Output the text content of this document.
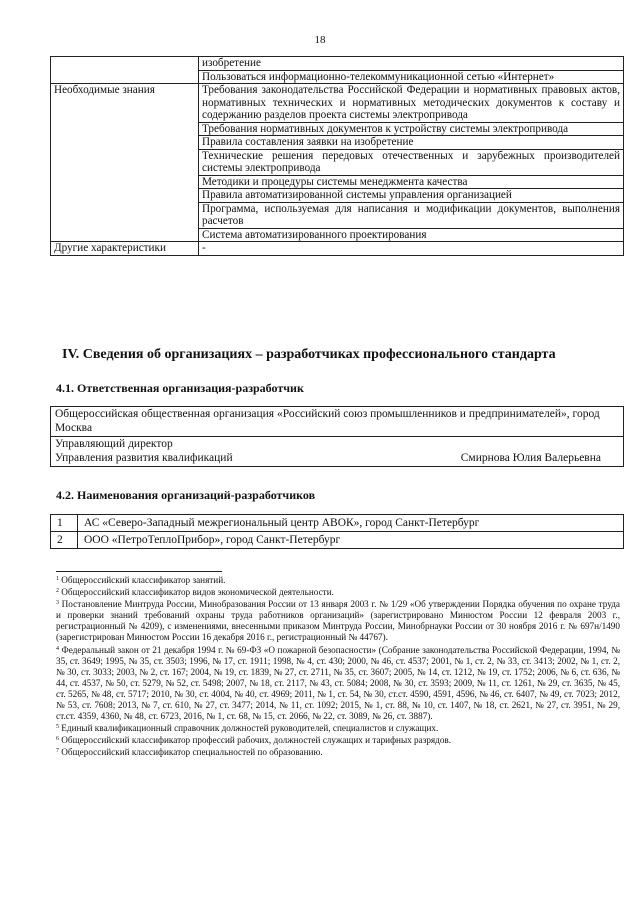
18
	изобретение
	Пользоваться информационно-телекоммуникационной сетью «Интернет»
Необходимые знания	Требования законодательства Российской Федерации и нормативных правовых актов, нормативных технических и нормативных методических документов к составу и содержанию разделов проекта системы электропривода
	Требования нормативных документов к устройству системы электропривода
	Правила составления заявки на изобретение
	Технические решения передовых отечественных и зарубежных производителей системы электропривода
	Методики и процедуры системы менеджмента качества
	Правила автоматизированной системы управления организацией
	Программа, используемая для написания и модификации документов, выполнения расчетов
	Система автоматизированного проектирования
Другие характеристики	-
IV. Сведения об организациях – разработчиках профессионального стандарта
4.1. Ответственная организация-разработчик
Общероссийская общественная организация «Российский союз промышленников и предпринимателей», город Москва

Управляющий директор
Управления развития квалификаций	Смирнова Юлия Валерьевна
4.2. Наименования организаций-разработчиков
1	АС «Северо-Западный межрегиональный центр АВОК», город Санкт-Петербург
2	ООО «ПетроТеплоПрибор», город Санкт-Петербург

$^1$ Общероссийский классификатор занятий.

$^2$ Общероссийский классификатор видов экономической деятельности.

$^3$ Постановление Минтруда России, Минобразования России от 13 января 2003 г. № 1/29 «Об утверждении Порядка обучения по охране труда и проверки знаний требований охраны труда работников организаций» (зарегистрировано Минюстом России 12 февраля 2003 г., регистрационный № 4209), с изменениями, внесенными приказом Минтруда России, Минобрнауки России от 30 ноября 2016 г. № 697н/1490 (зарегистрирован Минюстом России 16 декабря 2016 г., регистрационный № 44767).

$^4$ Федеральный закон от 21 декабря 1994 г. № 69-ФЗ «О пожарной безопасности» (Собрание законодательства Российской Федерации, 1994, № 35, ст. 3649; 1995, № 35, ст. 3503; 1996, № 17, ст. 1911; 1998, № 4, ст. 430; 2000, № 46, ст. 4537; 2001, № 1, ст. 2, № 33, ст. 3413; 2002, № 1, ст. 2, № 30, ст. 3033; 2003, № 2, ст. 167; 2004, № 19, ст. 1839, № 27, ст. 2711, № 35, ст. 3607; 2005, № 14, ст. 1212, № 19, ст. 1752; 2006, № 6, ст. 636, № 44, ст. 4537, № 50, ст. 5279, № 52, ст. 5498; 2007, № 18, ст. 2117, № 43, ст. 5084; 2008, № 30, ст. 3593; 2009, № 11, ст. 1261, № 29, ст. 3635, № 45, ст. 5265, № 48, ст. 5717; 2010, № 30, ст. 4004, № 40, ст. 4969; 2011, № 1, ст. 54, № 30, ст.ст. 4590, 4591, 4596, № 46, ст. 6407, № 49, ст. 7023; 2012, № 53, ст. 7608; 2013, № 7, ст. 610, № 27, ст. 3477; 2014, № 11, ст. 1092; 2015, № 1, ст. 88, № 10, ст. 1407, № 18, ст. 2621, № 27, ст. 3951, № 29, ст.ст. 4359, 4360, № 48, ст. 6723, 2016, № 1, ст. 68, № 15, ст. 2066, № 22, ст. 3089, № 26, ст. 3887).

$^5$ Единый квалификационный справочник должностей руководителей, специалистов и служащих.

$^6$ Общероссийский классификатор профессий рабочих, должностей служащих и тарифных разрядов.

$^7$ Общероссийский классификатор специальностей по образованию.
